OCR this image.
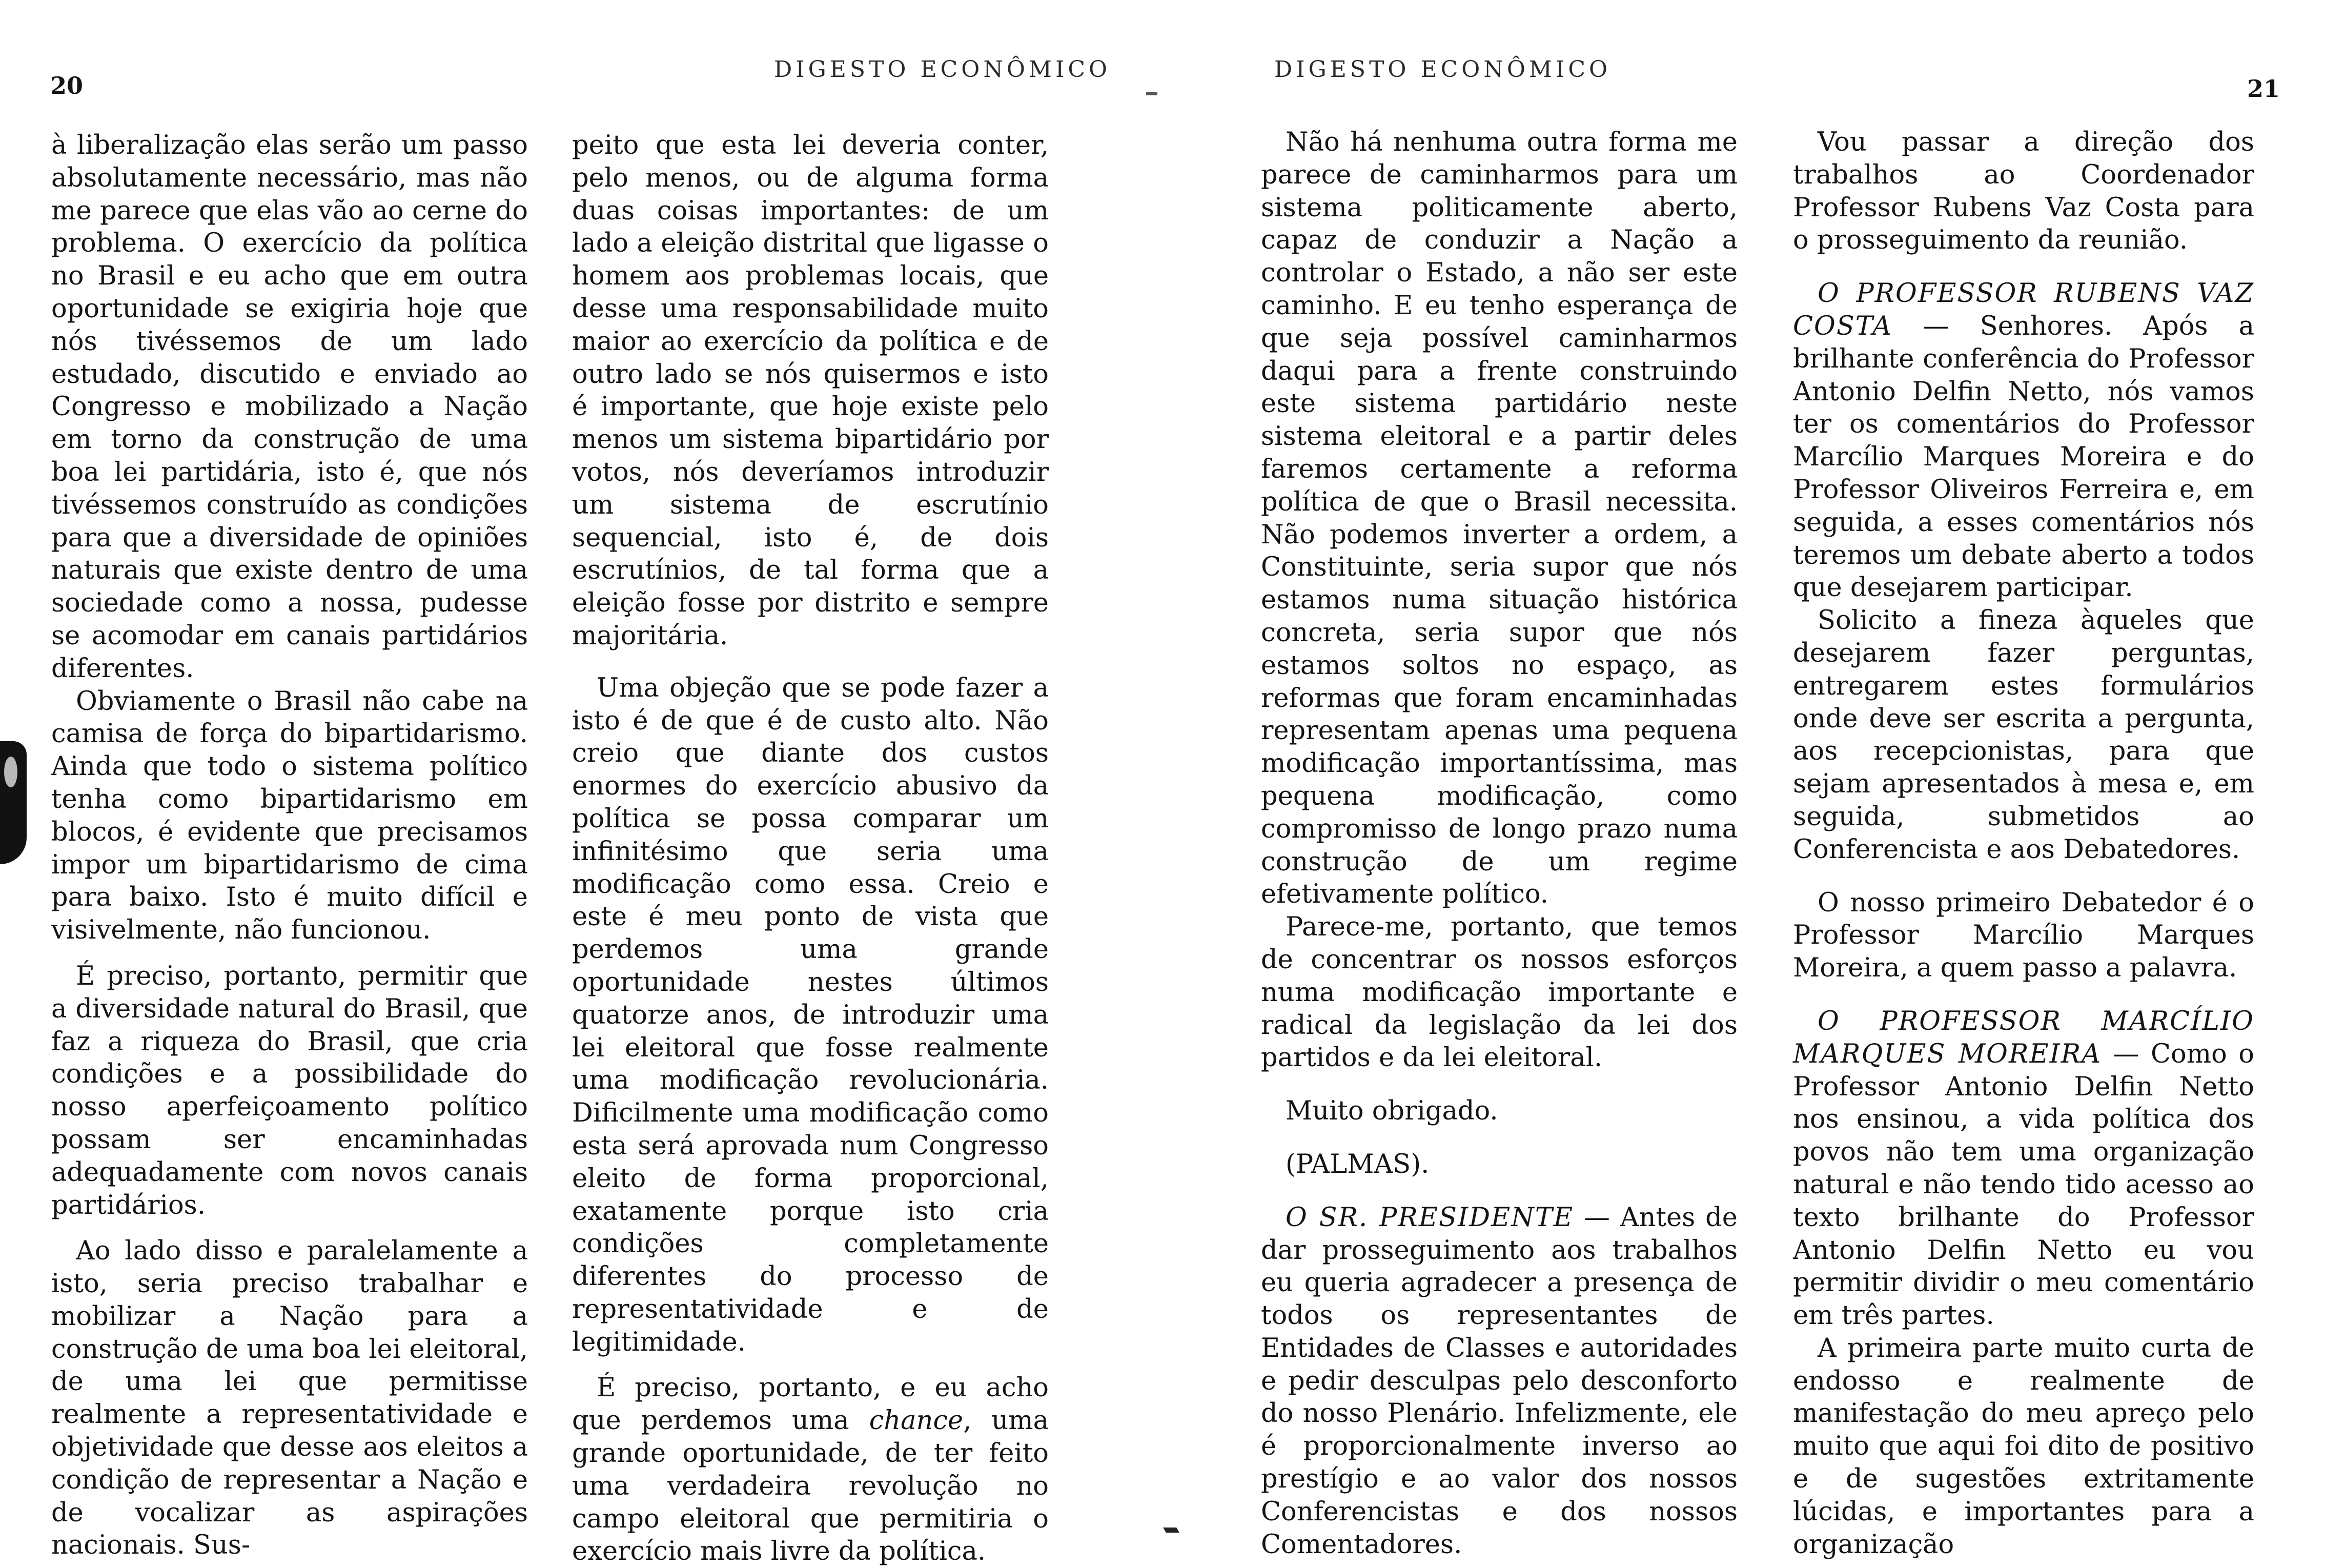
20
DIGESTO ECONÔMICO

à liberalização elas serão um passo absolutamente necessário, mas não me parece que elas vão ao cerne do problema. O exercício da política no Brasil e eu acho que em outra oportunidade se exigiria hoje que nós tivéssemos de um lado estudado, discutido e enviado ao Congresso e mobilizado a Nação em torno da construção de uma boa lei partidária, isto é, que nós tivéssemos construído as condições para que a diversidade de opiniões naturais que existe dentro de uma sociedade como a nossa, pudesse se acomodar em canais partidários diferentes.

Obviamente o Brasil não cabe na camisa de força do bipartidarismo. Ainda que todo o sistema político tenha como bipartidarismo em blocos, é evidente que precisamos impor um bipartidarismo de cima para baixo. Isto é muito difícil e visivelmente, não funcionou.

É preciso, portanto, permitir que a diversidade natural do Brasil, que faz a riqueza do Brasil, que cria condições e a possibilidade do nosso aperfeiçoamento político possam ser encaminhadas adequadamente com novos canais partidários.

Ao lado disso e paralelamente a isto, seria preciso trabalhar e mobilizar a Nação para a construção de uma boa lei eleitoral, de uma lei que permitisse realmente a representatividade e objetividade que desse aos eleitos a condição de representar a Nação e de vocalizar as aspirações nacionais. Sus-

peito que esta lei deveria conter, pelo menos, ou de alguma forma duas coisas importantes: de um lado a eleição distrital que ligasse o homem aos problemas locais, que desse uma responsabilidade muito maior ao exercício da política e de outro lado se nós quisermos e isto é importante, que hoje existe pelo menos um sistema bipartidário por votos, nós deveríamos introduzir um sistema de escrutínio sequencial, isto é, de dois escrutínios, de tal forma que a eleição fosse por distrito e sempre majoritária.

Uma objeção que se pode fazer a isto é de que é de custo alto. Não creio que diante dos custos enormes do exercício abusivo da política se possa comparar um infinitésimo que seria uma modificação como essa. Creio e este é meu ponto de vista que perdemos uma grande oportunidade nestes últimos quatorze anos, de introduzir uma lei eleitoral que fosse realmente uma modificação revolucionária. Dificilmente uma modificação como esta será aprovada num Congresso eleito de forma proporcional, exatamente porque isto cria condições completamente diferentes do processo de representatividade e de legitimidade.

É preciso, portanto, e eu acho que perdemos uma chance, uma grande oportunidade, de ter feito uma verdadeira revolução no campo eleitoral que permitiria o exercício mais livre da política.

DIGESTO ECONÔMICO
21

Não há nenhuma outra forma me parece de caminharmos para um sistema politicamente aberto, capaz de conduzir a Nação a controlar o Estado, a não ser este caminho. E eu tenho esperança de que seja possível caminharmos daqui para a frente construindo este sistema partidário neste sistema eleitoral e a partir deles faremos certamente a reforma política de que o Brasil necessita. Não podemos inverter a ordem, a Constituinte, seria supor que nós estamos numa situação histórica concreta, seria supor que nós estamos soltos no espaço, as reformas que foram encaminhadas representam apenas uma pequena modificação importantíssima, mas pequena modificação, como compromisso de longo prazo numa construção de um regime efetivamente político.

Parece-me, portanto, que temos de concentrar os nossos esforços numa modificação importante e radical da legislação da lei dos partidos e da lei eleitoral.

Muito obrigado.

(PALMAS).

O SR. PRESIDENTE — Antes de dar prosseguimento aos trabalhos eu queria agradecer a presença de todos os representantes de Entidades de Classes e autoridades e pedir desculpas pelo desconforto do nosso Plenário. Infelizmente, ele é proporcionalmente inverso ao prestígio e ao valor dos nossos Conferencistas e dos nossos Comentadores.

Vou passar a direção dos trabalhos ao Coordenador Professor Rubens Vaz Costa para o prosseguimento da reunião.

O PROFESSOR RUBENS VAZ COSTA — Senhores. Após a brilhante conferência do Professor Antonio Delfin Netto, nós vamos ter os comentários do Professor Marcílio Marques Moreira e do Professor Oliveiros Ferreira e, em seguida, a esses comentários nós teremos um debate aberto a todos que desejarem participar.

Solicito a fineza àqueles que desejarem fazer perguntas, entregarem estes formulários onde deve ser escrita a pergunta, aos recepcionistas, para que sejam apresentados à mesa e, em seguida, submetidos ao Conferencista e aos Debatedores.

O nosso primeiro Debatedor é o Professor Marcílio Marques Moreira, a quem passo a palavra.

O PROFESSOR MARCÍLIO MARQUES MOREIRA — Como o Professor Antonio Delfin Netto nos ensinou, a vida política dos povos não tem uma organização natural e não tendo tido acesso ao texto brilhante do Professor Antonio Delfin Netto eu vou permitir dividir o meu comentário em três partes.

A primeira parte muito curta de endosso e realmente de manifestação do meu apreço pelo muito que aqui foi dito de positivo e de sugestões extritamente lúcidas, e importantes para a organização
